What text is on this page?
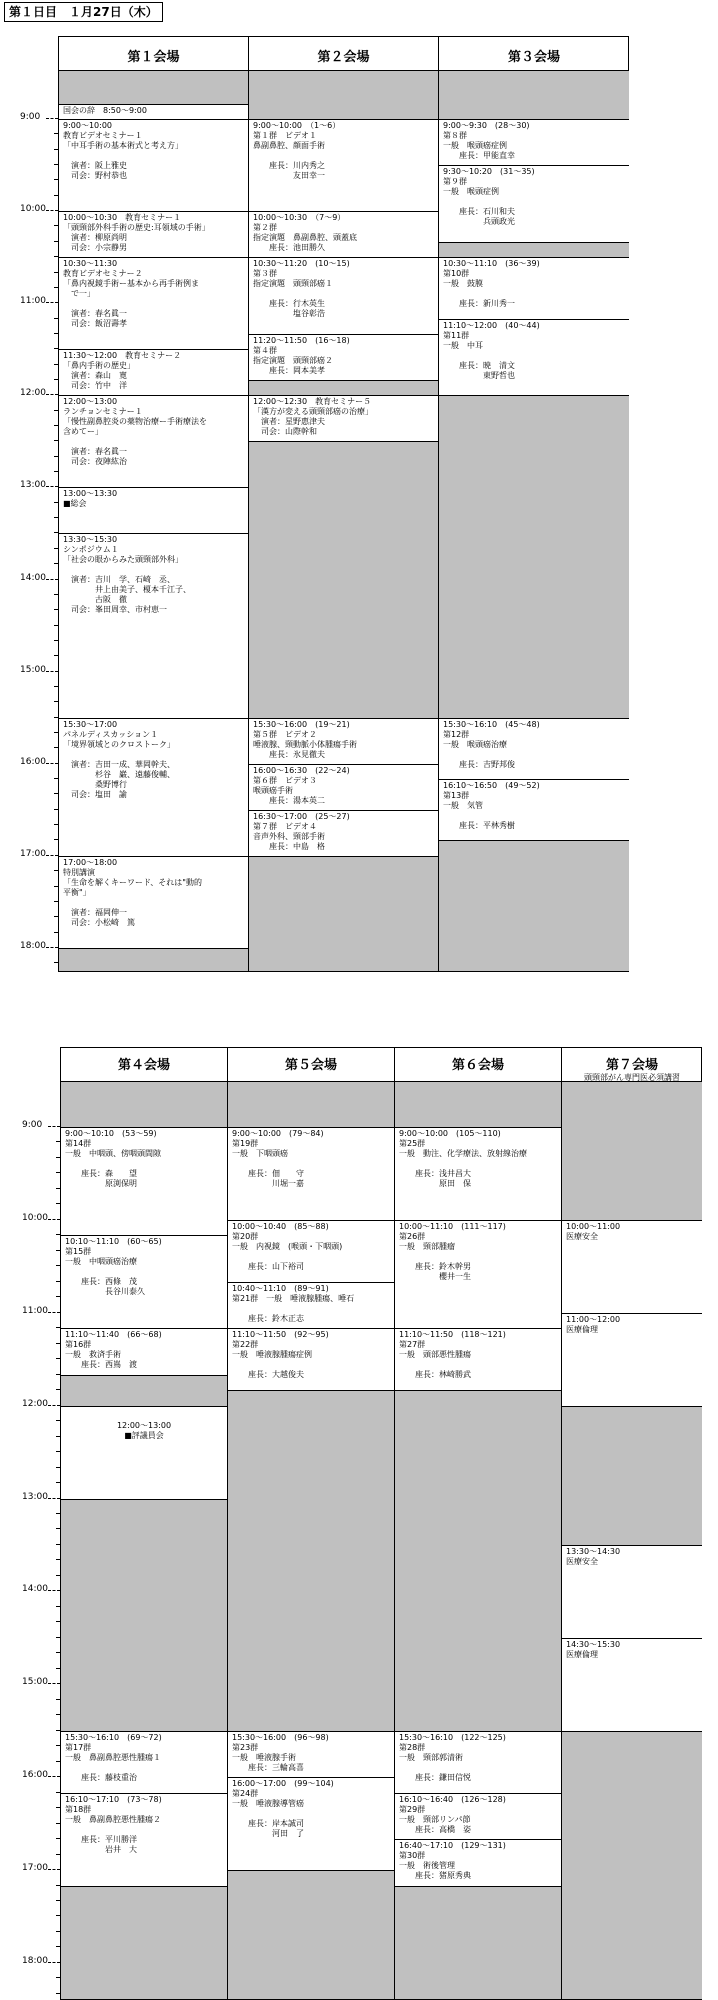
第１日目　１月27日（木）
第１会場
国会の辞　8:50～9:00
9:00～10:00
教育ビデオセミナー１
「中耳手術の基本術式と考え方」

　演者：阪上雅史
　司会：野村恭也
10:00～10:30　教育セミナー１
「頭頸部外科手術の歴史:耳領域の手術」
　演者：柳原尚明
　司会：小宗静男
10:30～11:30
教育ビデオセミナー２
「鼻内視鏡手術ー基本から再手術例ま
　で一」

　演者：春名眞一
　司会：飯沼壽孝
11:30～12:00　教育セミナー２
「鼻内手術の歴史」
　演者：森山　寛
　司会：竹中　洋
12:00～13:00
ランチョンセミナー１
「慢性副鼻腔炎の薬物治療ー手術療法を
含めてー」

　演者：春名眞一
　司会：夜陣紘治
13:00～13:30
■総会
13:30～15:30
シンポジウム１
「社会の眼からみた頭頸部外科」

　演者：吉川　学、石崎　丞、
　　　　井上由美子、榎本千江子、
　　　　古阪　徹
　司会：峯田周幸、市村恵一
15:30～17:00
パネルディスカッション１
「境界領域とのクロストーク」

　演者：吉田一成、華岡幹夫、
　　　　杉谷　巌、遠藤俊輔、
　　　　桑野博行
　司会：塩田　諭
17:00～18:00
特別講演
「生命を解くキーワード、それは"動的
平衡"」

　演者：福岡伸一
　司会：小松崎　篤
第２会場
9:00～10:00　（1～6）
第１群　ビデオ１
鼻副鼻腔、顔面手術

　　座長：川内秀之
　　　　　友田幸一
10:00～10:30　（7～9）
第２群
指定演題　鼻副鼻腔、頭蓋底
　　座長：池田勝久
10:30～11:20　(10～15)
第３群
指定演題　頭頸部癌１

　　座長：行木英生
　　　　　塩谷彰浩
11:20～11:50　(16～18)
第４群
指定演題　頭頸部癌２
　　座長：岡本美孝
12:00～12:30　教育セミナー５
「漢方が変える頭頸部癌の治療」
　演者：星野惠津夫
　司会：山際幹和
15:30～16:00　(19～21)
第５群　ビデオ２
唾液腺、頸動脈小体腫瘍手術
　　座長：氷見徹夫
16:00～16:30　(22～24)
第６群　ビデオ３
喉頭癌手術
　　座長：湯本英二
16:30～17:00　(25～27)
第７群　ビデオ４
音声外科、頸部手術
　　座長：中島　格
第３会場
9:00～9:30　(28～30)
第８群
一般　喉頭癌症例
　　座長：甲能直幸
9:30～10:20　(31～35)
第９群
一般　喉頭症例

　　座長：石川和夫
　　　　　兵頭政光
10:30～11:10　(36～39)
第10群
一般　鼓膜

　　座長：新川秀一
11:10～12:00　(40～44)
第11群
一般　中耳

　　座長：暁　清文
　　　　　東野哲也
15:30～16:10　(45～48)
第12群
一般　喉頭癌治療

　　座長：吉野邦俊
16:10～16:50　(49～52)
第13群
一般　気管

　　座長：平林秀樹
9:00
10:00
11:00
12:00
13:00
14:00
15:00
16:00
17:00
18:00
第４会場
9:00～10:10　(53～59)
第14群
一般　中咽頭、傍咽頭間隙

　　座長：森　　望
　　　　　原渕保明
10:10～11:10　(60～65)
第15群
一般　中咽頭癌治療

　　座長：西條　茂
　　　　　長谷川泰久
11:10～11:40　(66～68)
第16群
一般　救済手術
　　座長：西嶌　渡
12:00～13:00
■評議員会
15:30～16:10　(69～72)
第17群
一般　鼻副鼻腔悪性腫瘍１

　　座長：藤枝重治
16:10～17:10　(73～78)
第18群
一般　鼻副鼻腔悪性腫瘍２

　　座長：平川勝洋
　　　　　岩井　大
第５会場
9:00～10:00　(79～84)
第19群
一般　下咽頭癌

　　座長：佃　　守
　　　　　川堀一嘉
10:00～10:40　(85～88)
第20群
一般　内視鏡　(喉頭・下咽頭)

　　座長：山下裕司
10:40～11:10　(89～91)
第21群　一般　唾液腺腫瘍、唾石

　　座長：鈴木正志
11:10～11:50　(92～95)
第22群
一般　唾液腺腫瘍症例

　　座長：大越俊夫
15:30～16:00　(96～98)
第23群
一般　唾液腺手術
　　座長：三輪高喜
16:00～17:00　(99～104)
第24群
一般　唾液腺導管癌

　　座長：岸本誠司
　　　　　河田　了
第６会場
9:00～10:00　(105～110)
第25群
一般　動注、化学療法、放射線治療

　　座長：浅井昌大
　　　　　原田　保
10:00～11:10　(111～117)
第26群
一般　頸部腫瘤

　　座長：鈴木幹男
　　　　　櫻井一生
11:10～11:50　(118～121)
第27群
一般　頭部悪性腫瘍

　　座長：林崎勝武
15:30～16:10　(122～125)
第28群
一般　頸部郭清術

　　座長：鎌田信悦
16:10～16:40　(126～128)
第29群
一般　頸部リンパ節
　　座長：高橋　姿
16:40～17:10　(129～131)
第30群
一般　術後管理
　　座長：猪原秀典
第７会場
頭頸部がん専門医必須講習

10:00～11:00
医療安全
11:00～12:00
医療倫理
13:30～14:30
医療安全
14:30～15:30
医療倫理
9:00
10:00
11:00
12:00
13:00
14:00
15:00
16:00
17:00
18:00
